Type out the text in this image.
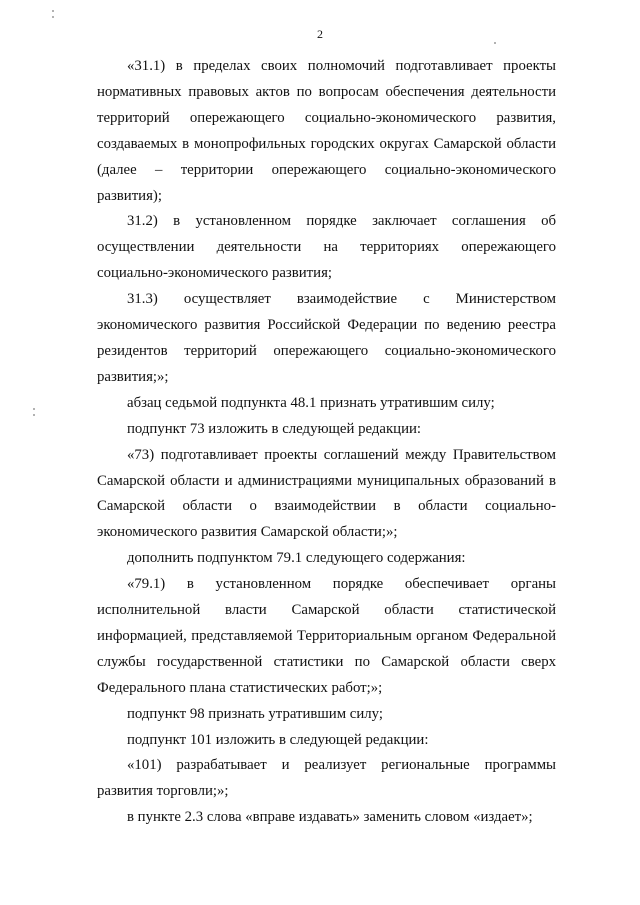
2

«31.1) в пределах своих полномочий подготавливает проекты нормативных правовых актов по вопросам обеспечения деятельности территорий опережающего социально-экономического развития, создаваемых в монопрофильных городских округах Самарской области (далее – территории опережающего социально-экономического развития);

31.2) в установленном порядке заключает соглашения об осуществлении деятельности на территориях опережающего социально-экономического развития;

31.3) осуществляет взаимодействие с Министерством экономического развития Российской Федерации по ведению реестра резидентов территорий опережающего социально-экономического развития;»;

абзац седьмой подпункта 48.1 признать утратившим силу;

подпункт 73 изложить в следующей редакции:

«73) подготавливает проекты соглашений между Правительством Самарской области и администрациями муниципальных образований в Самарской области о взаимодействии в области социально-экономического развития Самарской области;»;

дополнить подпунктом 79.1 следующего содержания:

«79.1) в установленном порядке обеспечивает органы исполнительной власти Самарской области статистической информацией, представляемой Территориальным органом Федеральной службы государственной статистики по Самарской области сверх Федерального плана статистических работ;»;

подпункт 98 признать утратившим силу;

подпункт 101 изложить в следующей редакции:

«101) разрабатывает и реализует региональные программы развития торговли;»;

в пункте 2.3 слова «вправе издавать» заменить словом «издает»;
